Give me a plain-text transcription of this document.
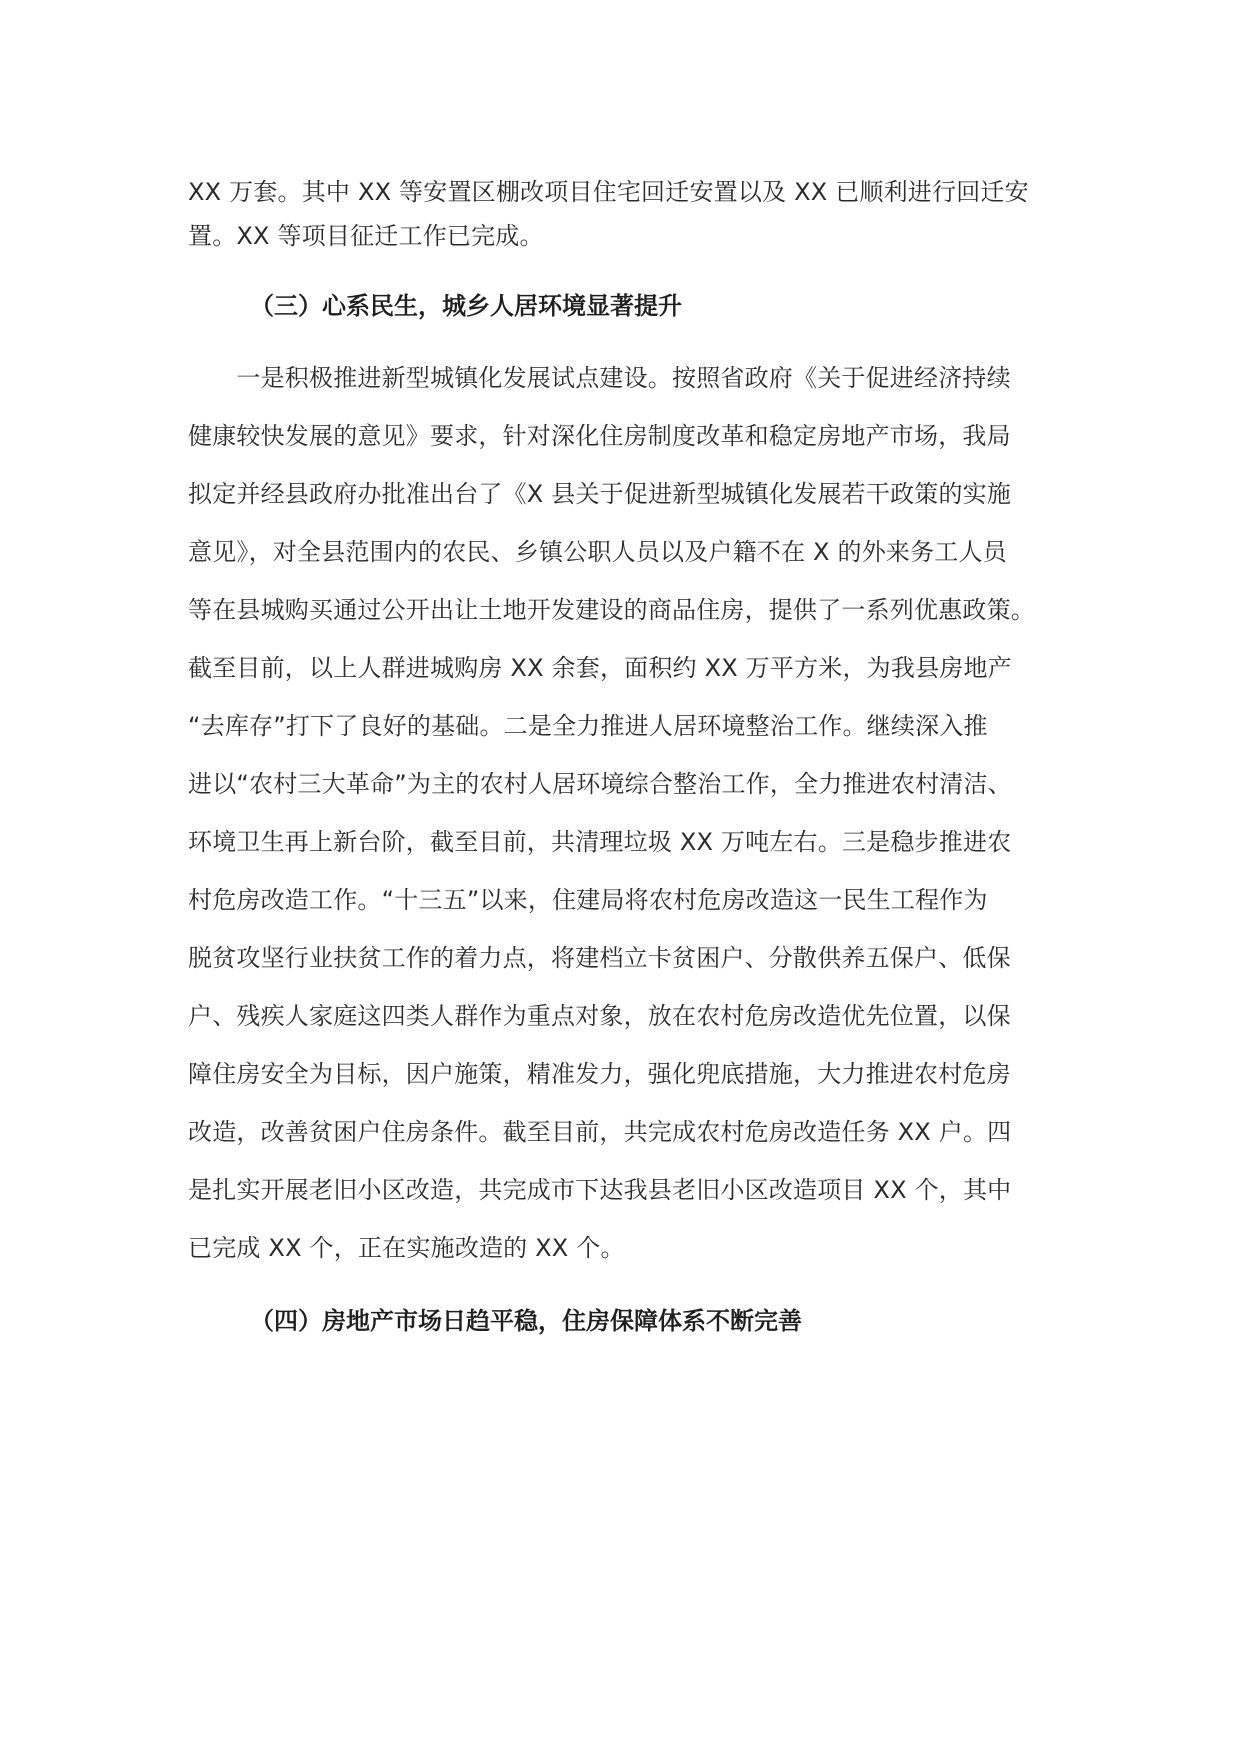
XX 万套。其中 XX 等安置区棚改项目住宅回迁安置以及 XX 已顺利进行回迁安
置。XX 等项目征迁工作已完成。
（三）心系民生，城乡人居环境显著提升
　　一是积极推进新型城镇化发展试点建设。按照省政府《关于促进经济持续
健康较快发展的意见》要求，针对深化住房制度改革和稳定房地产市场，我局
拟定并经县政府办批准出台了《X 县关于促进新型城镇化发展若干政策的实施
意见》，对全县范围内的农民、乡镇公职人员以及户籍不在 X 的外来务工人员
等在县城购买通过公开出让土地开发建设的商品住房，提供了一系列优惠政策。
截至目前，以上人群进城购房 XX 余套，面积约 XX 万平方米，为我县房地产
“去库存”打下了良好的基础。二是全力推进人居环境整治工作。继续深入推
进以“农村三大革命”为主的农村人居环境综合整治工作，全力推进农村清洁、
环境卫生再上新台阶，截至目前，共清理垃圾 XX 万吨左右。三是稳步推进农
村危房改造工作。“十三五”以来，住建局将农村危房改造这一民生工程作为
脱贫攻坚行业扶贫工作的着力点，将建档立卡贫困户、分散供养五保户、低保
户、残疾人家庭这四类人群作为重点对象，放在农村危房改造优先位置，以保
障住房安全为目标，因户施策，精准发力，强化兜底措施，大力推进农村危房
改造，改善贫困户住房条件。截至目前，共完成农村危房改造任务 XX 户。四
是扎实开展老旧小区改造，共完成市下达我县老旧小区改造项目 XX 个，其中
已完成 XX 个，正在实施改造的 XX 个。
（四）房地产市场日趋平稳，住房保障体系不断完善
